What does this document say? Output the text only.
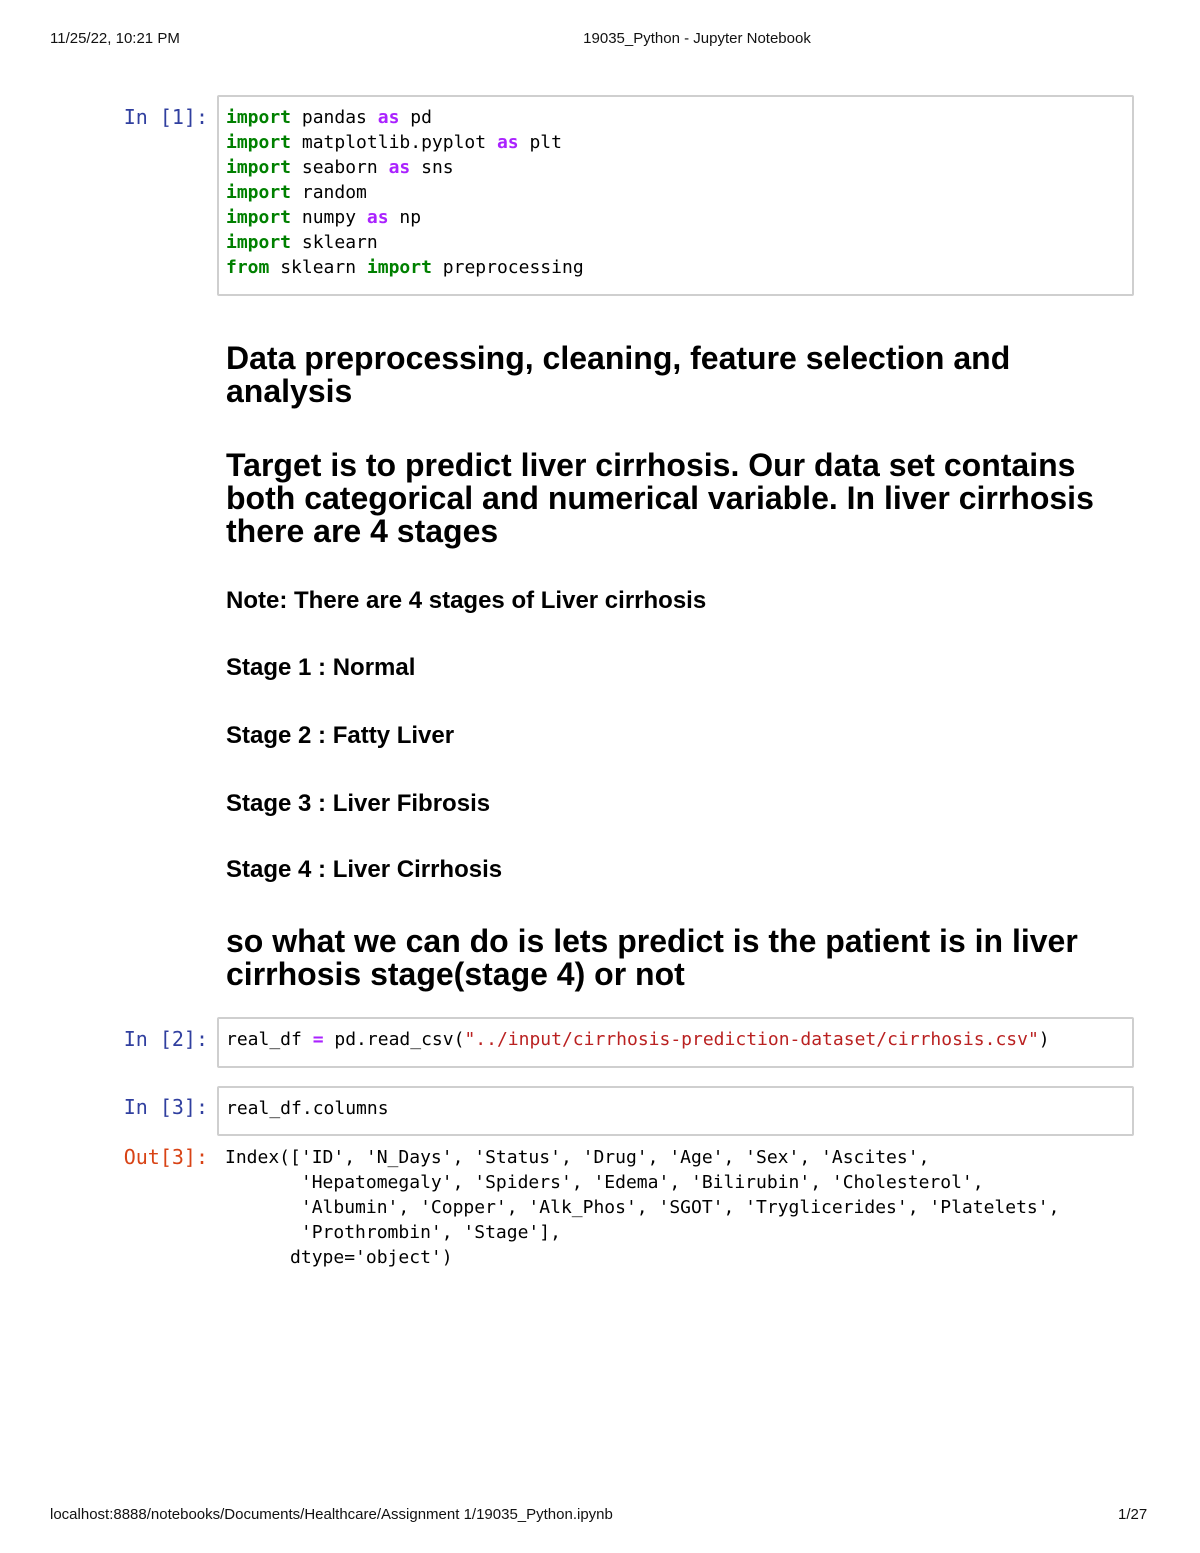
11/25/22, 10:21 PM	19035_Python - Jupyter Notebook
In [1]:	import pandas as pd
import matplotlib.pyplot as plt
import seaborn as sns
import random
import numpy as np
import sklearn
from sklearn import preprocessing
Data preprocessing, cleaning, feature selection and analysis
Target is to predict liver cirrhosis. Our data set contains both categorical and numerical variable. In liver cirrhosis there are 4 stages
Note: There are 4 stages of Liver cirrhosis
Stage 1 : Normal
Stage 2 : Fatty Liver
Stage 3 : Liver Fibrosis
Stage 4 : Liver Cirrhosis
so what we can do is lets predict is the patient is in liver cirrhosis stage(stage 4) or not
In [2]:	real_df = pd.read_csv("../input/cirrhosis-prediction-dataset/cirrhosis.csv")
In [3]:	real_df.columns
Out[3]: Index(['ID', 'N_Days', 'Status', 'Drug', 'Age', 'Sex', 'Ascites',
'Hepatomegaly', 'Spiders', 'Edema', 'Bilirubin', 'Cholesterol',
'Albumin', 'Copper', 'Alk_Phos', 'SGOT', 'Tryglicerides', 'Platelets',
'Prothrombin', 'Stage'],
dtype='object')
localhost:8888/notebooks/Documents/Healthcare/Assignment 1/19035_Python.ipynb	1/27
